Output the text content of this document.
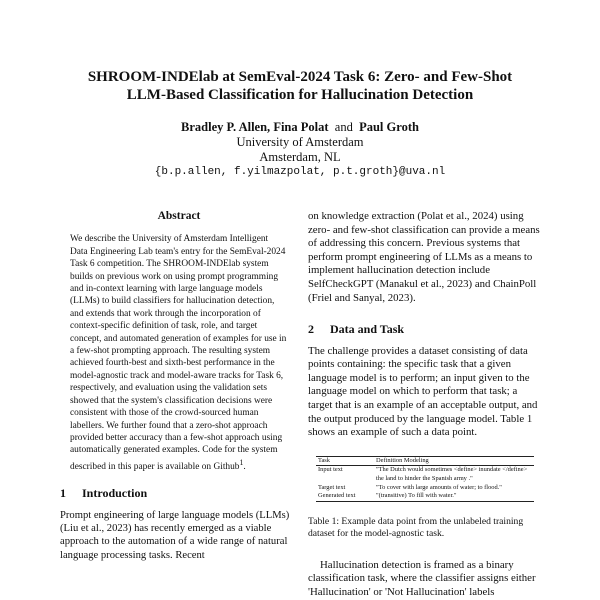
SHROOM-INDElab at SemEval-2024 Task 6: Zero- and Few-Shot
LLM-Based Classification for Hallucination Detection
Bradley P. Allen, Fina Polat and Paul Groth
University of Amsterdam
Amsterdam, NL
{b.p.allen, f.yilmazpolat, p.t.groth}@uva.nl
Abstract

We describe the University of Amsterdam Intelligent Data Engineering Lab team's entry for the SemEval-2024 Task 6 competition. The SHROOM-INDElab system builds on previous work on using prompt programming and in-context learning with large language models (LLMs) to build classifiers for hallucination detection, and extends that work through the incorporation of context-specific definition of task, role, and target concept, and automated generation of examples for use in a few-shot prompting approach. The resulting system achieved fourth-best and sixth-best performance in the model-agnostic track and model-aware tracks for Task 6, respectively, and evaluation using the validation sets showed that the system's classification decisions were consistent with those of the crowd-sourced human labellers. We further found that a zero-shot approach provided better accuracy than a few-shot approach using automatically generated examples. Code for the system described in this paper is available on Github$^1$.

1 Introduction

Prompt engineering of large language models (LLMs) (Liu et al., 2023) has recently emerged as a viable approach to the automation of a wide range of natural language processing tasks. Recent

on knowledge extraction (Polat et al., 2024) using zero- and few-shot classification can provide a means of addressing this concern. Previous systems that perform prompt engineering of LLMs as a means to implement hallucination detection include SelfCheckGPT (Manakul et al., 2023) and ChainPoll (Friel and Sanyal, 2023).

2 Data and Task

The challenge provides a dataset consisting of data points containing: the specific task that a given language model is to perform; an input given to the language model on which to perform that task; a target that is an example of an acceptable output, and the output produced by the language model. Table 1 shows an example of such a data point.

Task	Definition Modeling
Input text	"The Dutch would sometimes <define> inundate </define> the land to hinder the Spanish army ."
Target text	"To cover with large amounts of water; to flood."
Generated text	"(transitive) To fill with water."

Table 1: Example data point from the unlabeled training dataset for the model-agnostic task.

Hallucination detection is framed as a binary classification task, where the classifier assigns either 'Hallucination' or 'Not Hallucination' labels
